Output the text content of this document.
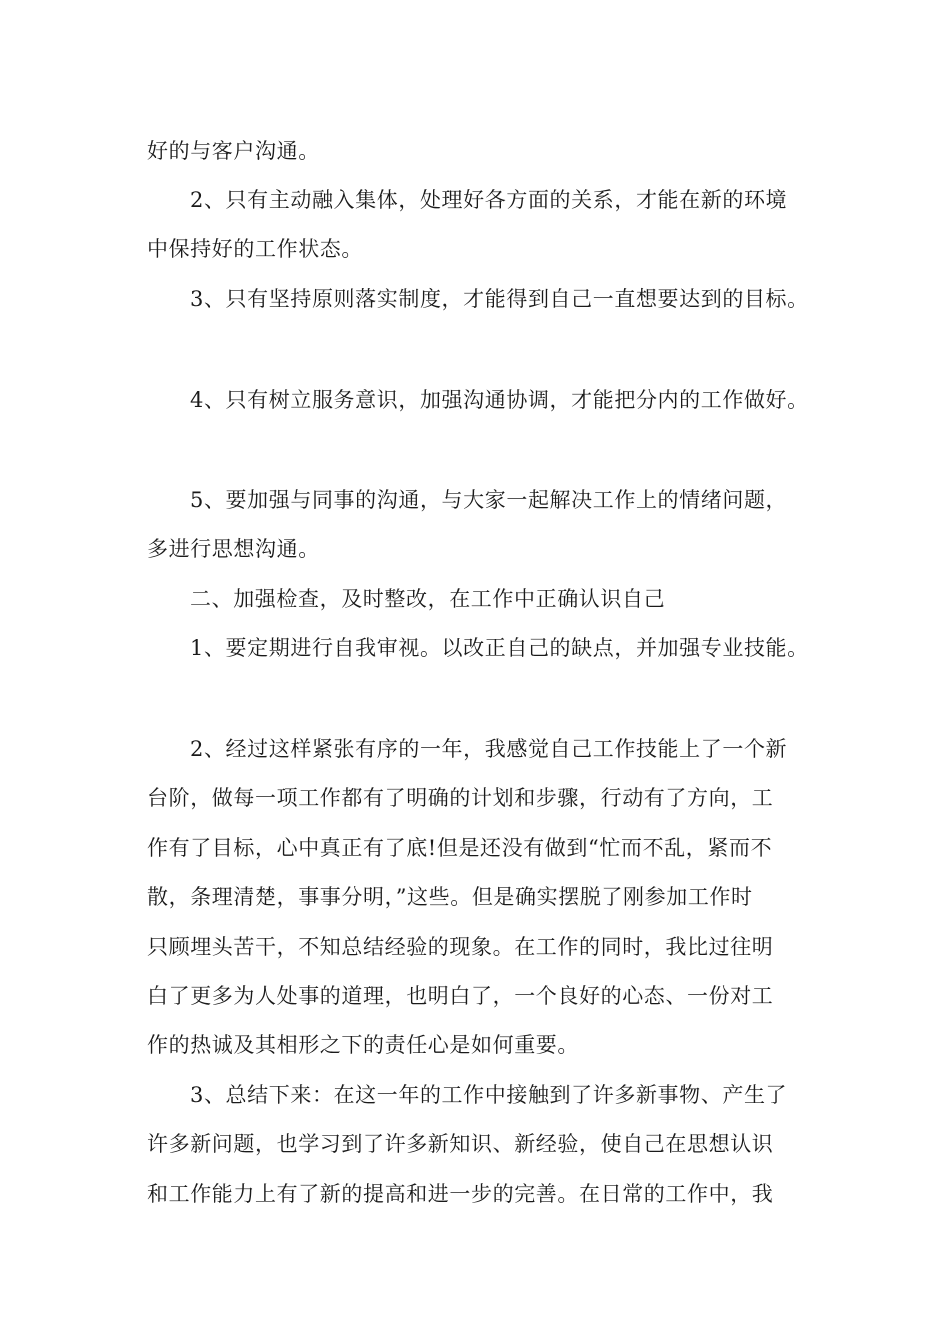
好的与客户沟通。
2、只有主动融入集体，处理好各方面的关系，才能在新的环境
中保持好的工作状态。
3、只有坚持原则落实制度，才能得到自己一直想要达到的目标。
4、只有树立服务意识，加强沟通协调，才能把分内的工作做好。
5、要加强与同事的沟通，与大家一起解决工作上的情绪问题，
多进行思想沟通。
二、加强检查，及时整改，在工作中正确认识自己
1、要定期进行自我审视。以改正自己的缺点，并加强专业技能。
2、经过这样紧张有序的一年，我感觉自己工作技能上了一个新
台阶，做每一项工作都有了明确的计划和步骤，行动有了方向，工
作有了目标，心中真正有了底!但是还没有做到“忙而不乱，紧而不
散，条理清楚，事事分明，”这些。但是确实摆脱了刚参加工作时
只顾埋头苦干，不知总结经验的现象。在工作的同时，我比过往明
白了更多为人处事的道理，也明白了，一个良好的心态、一份对工
作的热诚及其相形之下的责任心是如何重要。
3、总结下来：在这一年的工作中接触到了许多新事物、产生了
许多新问题，也学习到了许多新知识、新经验，使自己在思想认识
和工作能力上有了新的提高和进一步的完善。在日常的工作中，我
